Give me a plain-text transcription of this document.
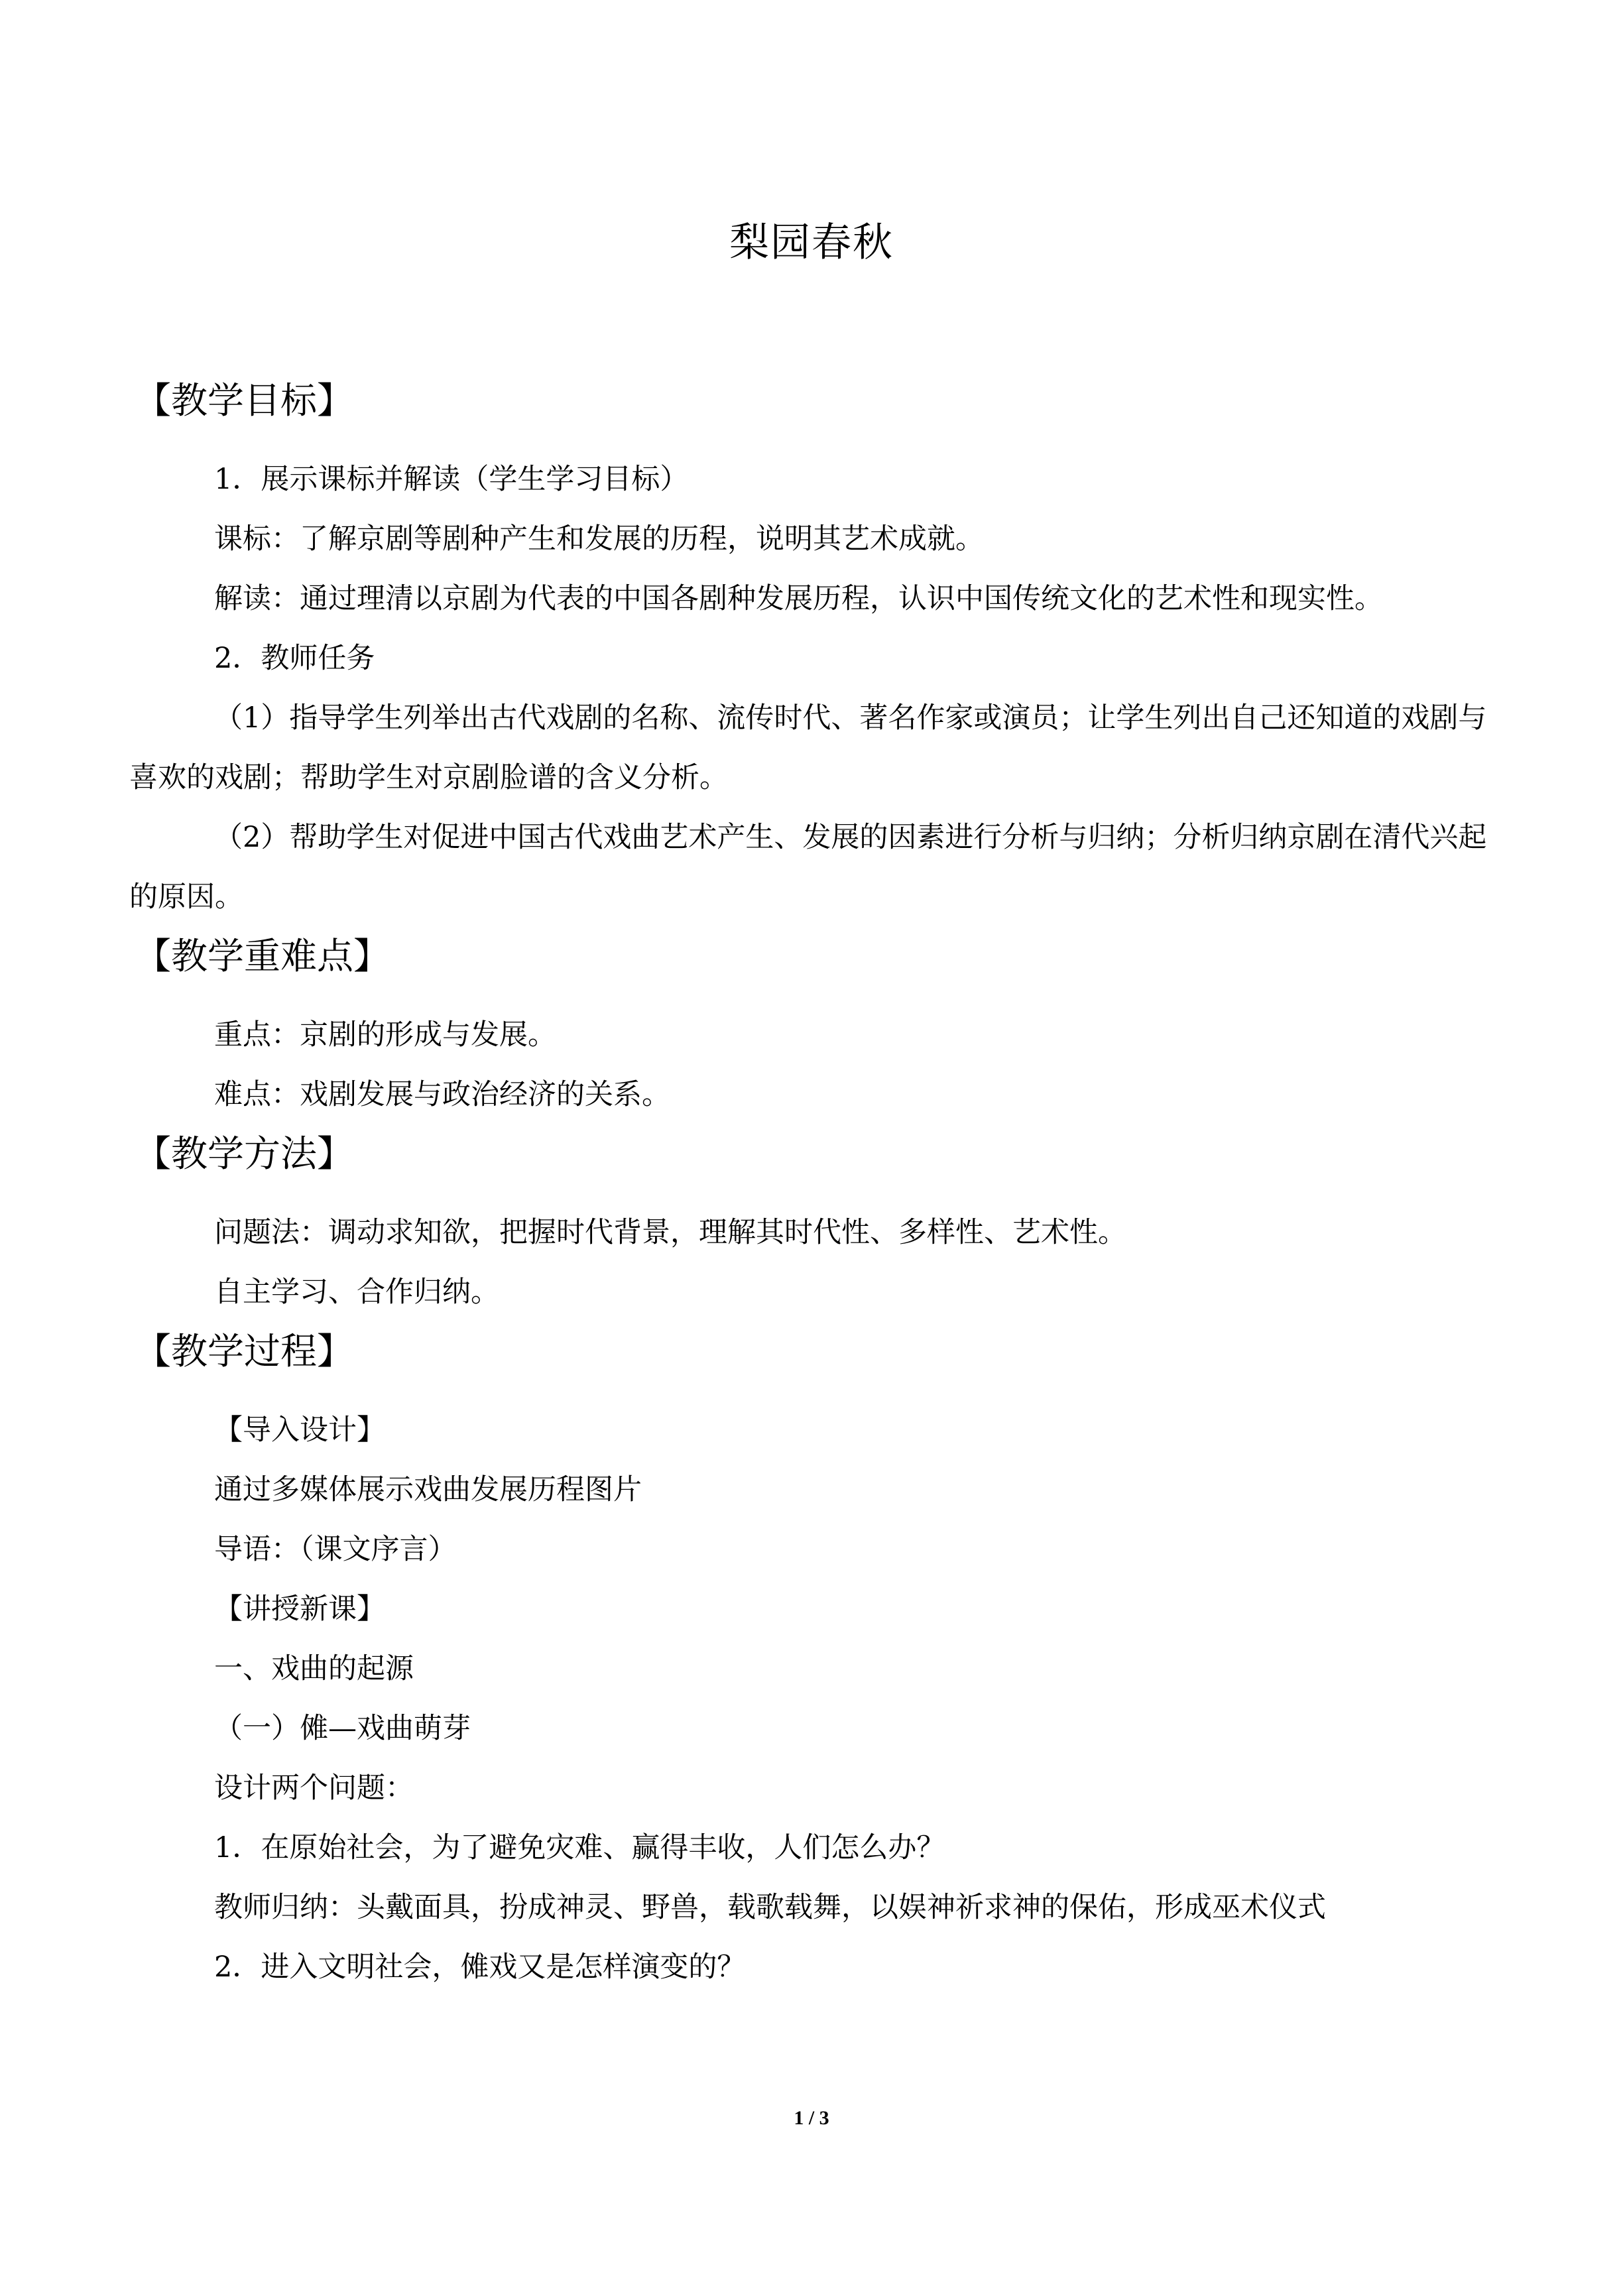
梨园春秋

【教学目标】

1．展示课标并解读（学生学习目标）

课标：了解京剧等剧种产生和发展的历程，说明其艺术成就。

解读：通过理清以京剧为代表的中国各剧种发展历程，认识中国传统文化的艺术性和现实性。

2．教师任务

（1）指导学生列举出古代戏剧的名称、流传时代、著名作家或演员；让学生列出自己还知道的戏剧与喜欢的戏剧；帮助学生对京剧脸谱的含义分析。

（2）帮助学生对促进中国古代戏曲艺术产生、发展的因素进行分析与归纳；分析归纳京剧在清代兴起的原因。

【教学重难点】

重点：京剧的形成与发展。

难点：戏剧发展与政治经济的关系。

【教学方法】

问题法：调动求知欲，把握时代背景，理解其时代性、多样性、艺术性。

自主学习、合作归纳。

【教学过程】

【导入设计】

通过多媒体展示戏曲发展历程图片

导语：（课文序言）

【讲授新课】

一、戏曲的起源

（一）傩—戏曲萌芽

设计两个问题：

1．在原始社会，为了避免灾难、赢得丰收，人们怎么办？

教师归纳：头戴面具，扮成神灵、野兽，载歌载舞，以娱神祈求神的保佑，形成巫术仪式

2．进入文明社会，傩戏又是怎样演变的？

1 / 3
